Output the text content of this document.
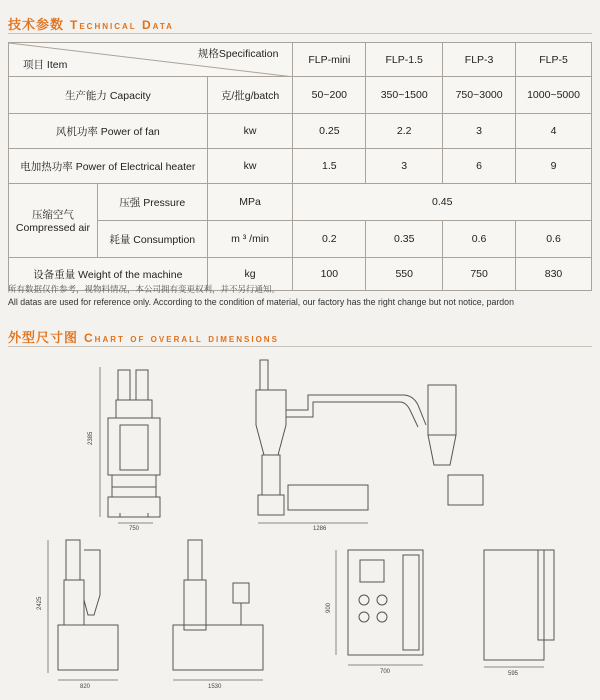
技术参数 Technical Data
规格Specification
项目 Item			FLP-mini	FLP-1.5	FLP-3	FLP-5
生产能力 Capacity		克/批g/batch	50~200	350~1500	750~3000	1000~5000
风机功率 Power of fan		kw	0.25	2.2	3	4
电加热功率 Power of Electrical heater		kw	1.5	3	6	9

压缩空气
Compressed air	压强 Pressure	MPa	0.45			
	耗量 Consumption	m ³ /min	0.2	0.35	0.6	0.6
设备重量 Weight of the machine		kg	100	550	750	830
所有数据仅作参考，视物料情况，本公司拥有变更权利，并不另行通知。
All datas are used for reference only. According to the condition of material, our factory has the right change but not notice, pardon
外型尺寸图 Chart of overall dimensions
2385
750	1286
2425
820	1530
900
700	595
